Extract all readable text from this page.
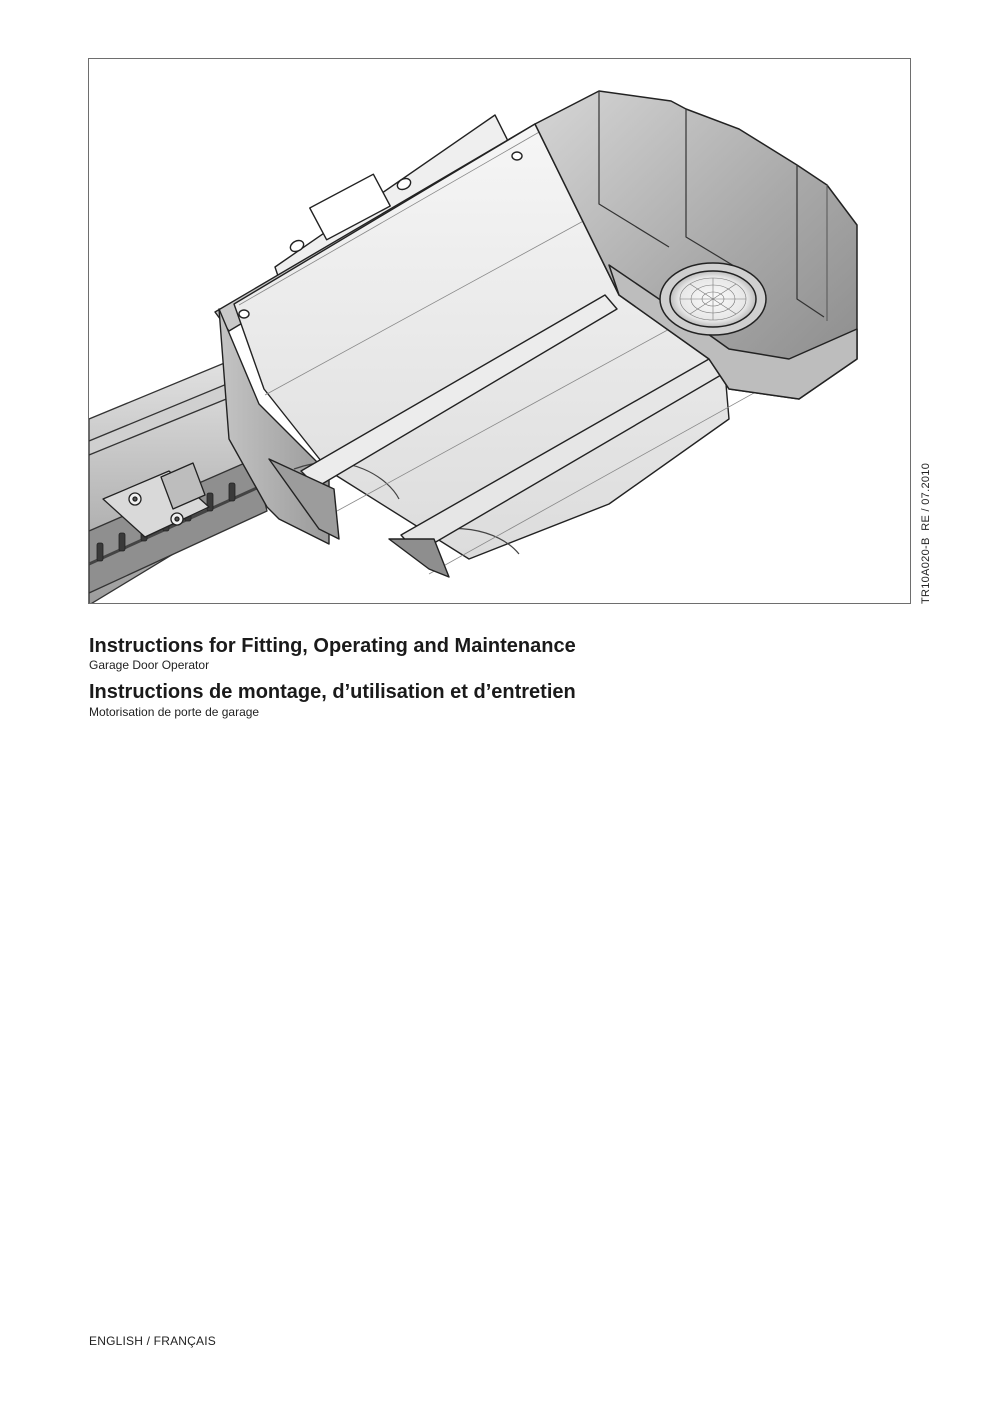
TR10A020-B  RE / 07.2010
Instructions for Fitting, Operating and Maintenance

Garage Door Operator

Instructions de montage, d’utilisation et d’entretien

Motorisation de porte de garage

ENGLISH / FRANÇAIS
